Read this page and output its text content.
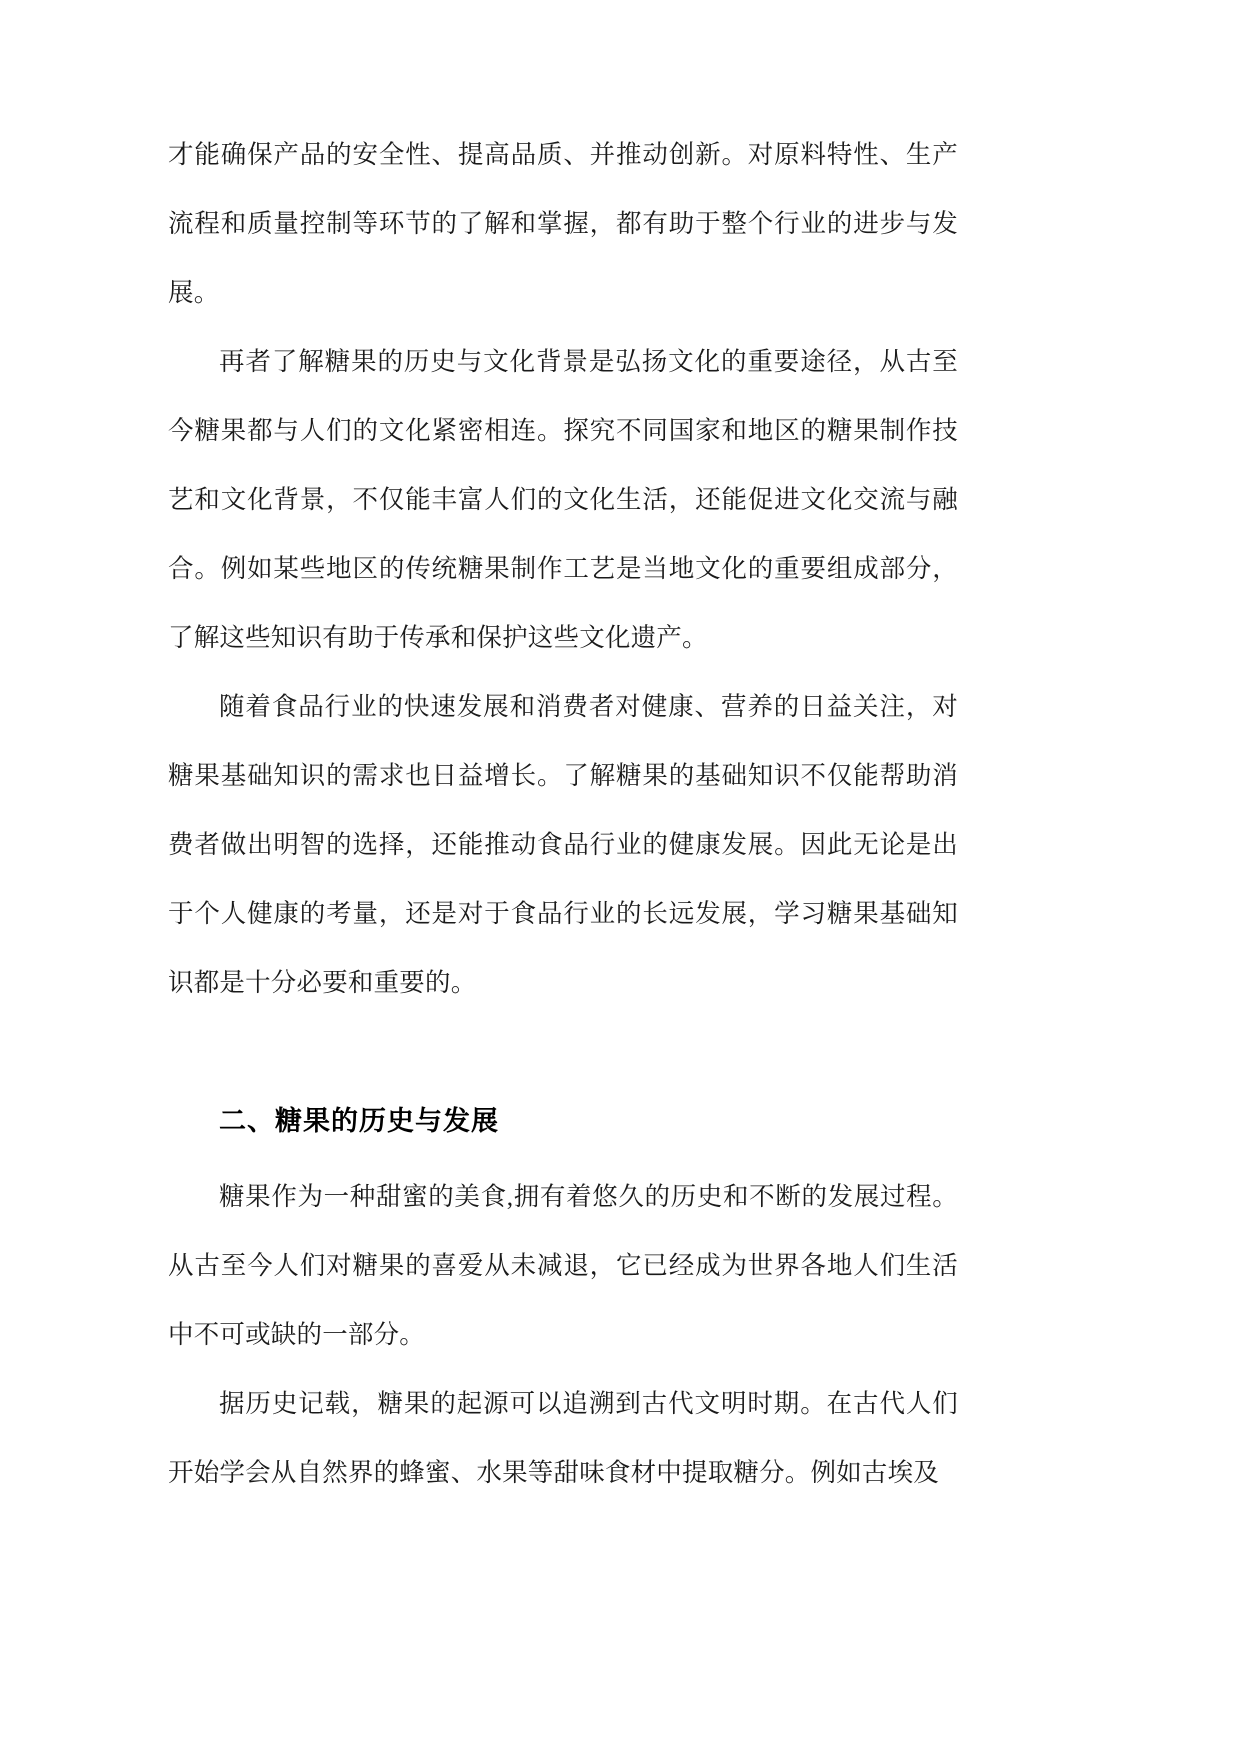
才能确保产品的安全性、提高品质、并推动创新。对原料特性、生产流程和质量控制等环节的了解和掌握，都有助于整个行业的进步与发展。

再者了解糖果的历史与文化背景是弘扬文化的重要途径，从古至今糖果都与人们的文化紧密相连。探究不同国家和地区的糖果制作技艺和文化背景，不仅能丰富人们的文化生活，还能促进文化交流与融合。例如某些地区的传统糖果制作工艺是当地文化的重要组成部分，了解这些知识有助于传承和保护这些文化遗产。

随着食品行业的快速发展和消费者对健康、营养的日益关注，对糖果基础知识的需求也日益增长。了解糖果的基础知识不仅能帮助消费者做出明智的选择，还能推动食品行业的健康发展。因此无论是出于个人健康的考量，还是对于食品行业的长远发展，学习糖果基础知识都是十分必要和重要的。

二、糖果的历史与发展

糖果作为一种甜蜜的美食,拥有着悠久的历史和不断的发展过程。从古至今人们对糖果的喜爱从未减退，它已经成为世界各地人们生活中不可或缺的一部分。

据历史记载，糖果的起源可以追溯到古代文明时期。在古代人们开始学会从自然界的蜂蜜、水果等甜味食材中提取糖分。例如古埃及
